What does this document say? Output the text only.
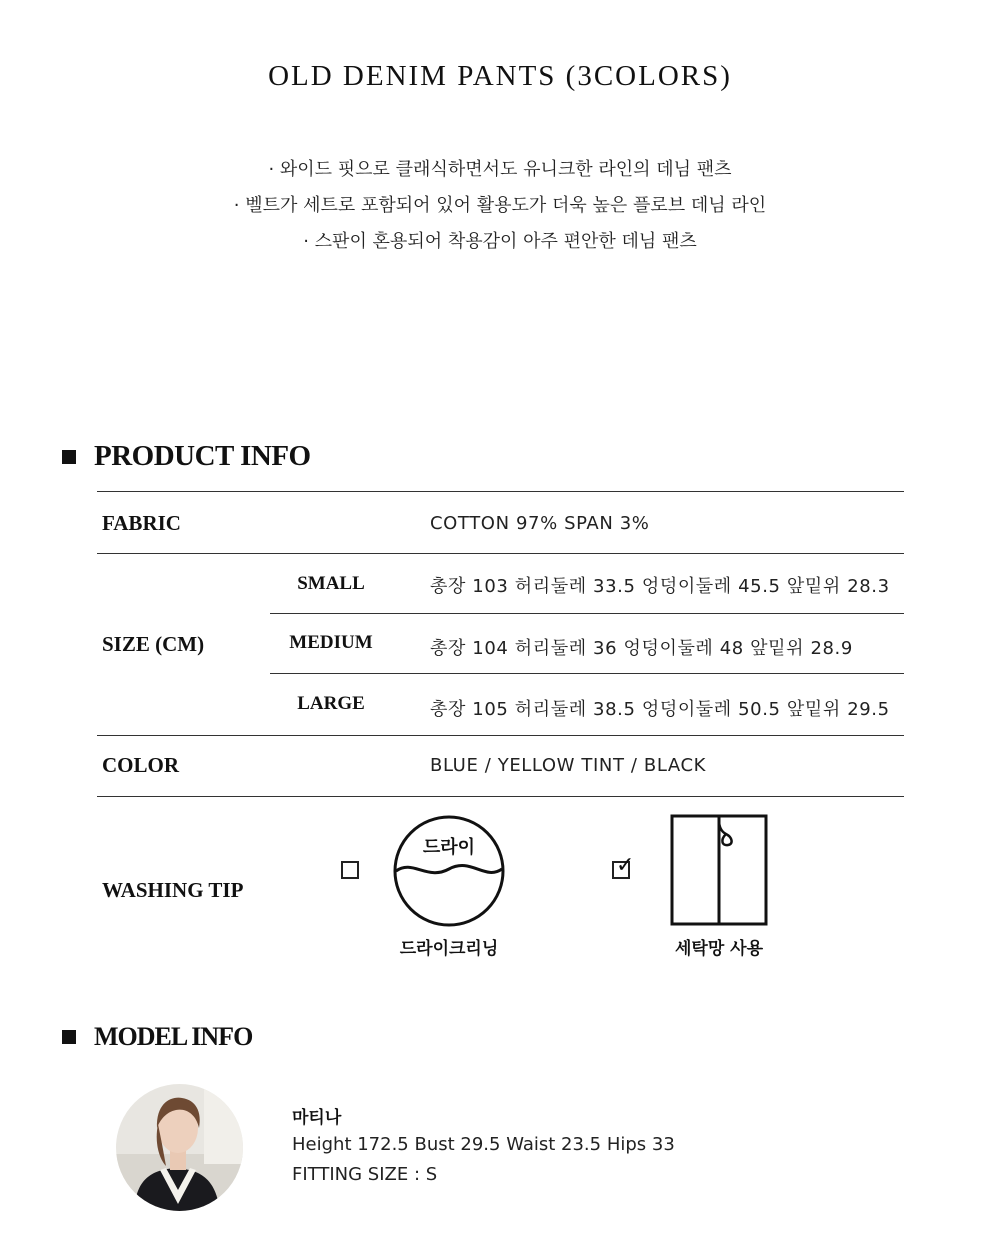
OLD DENIM PANTS (3COLORS)
· 와이드 핏으로 클래식하면서도 유니크한 라인의 데님 팬츠
· 벨트가 세트로 포함되어 있어 활용도가 더욱 높은 플로브 데님 라인
· 스판이 혼용되어 착용감이 아주 편안한 데님 팬츠
PRODUCT INFO
FABRIC	COTTON 97% SPAN 3%
SIZE (CM)
SMALL	총장 103 허리둘레 33.5 엉덩이둘레 45.5 앞밑위 28.3
MEDIUM	총장 104 허리둘레 36 엉덩이둘레 48 앞밑위 28.9
LARGE	총장 105 허리둘레 38.5 엉덩이둘레 50.5 앞밑위 29.5
COLOR	BLUE / YELLOW TINT / BLACK
WASHING TIP
드라이
드라이크리닝
✓
세탁망 사용
MODEL INFO
마티나
Height 172.5 Bust 29.5 Waist 23.5 Hips 33
FITTING SIZE : S
